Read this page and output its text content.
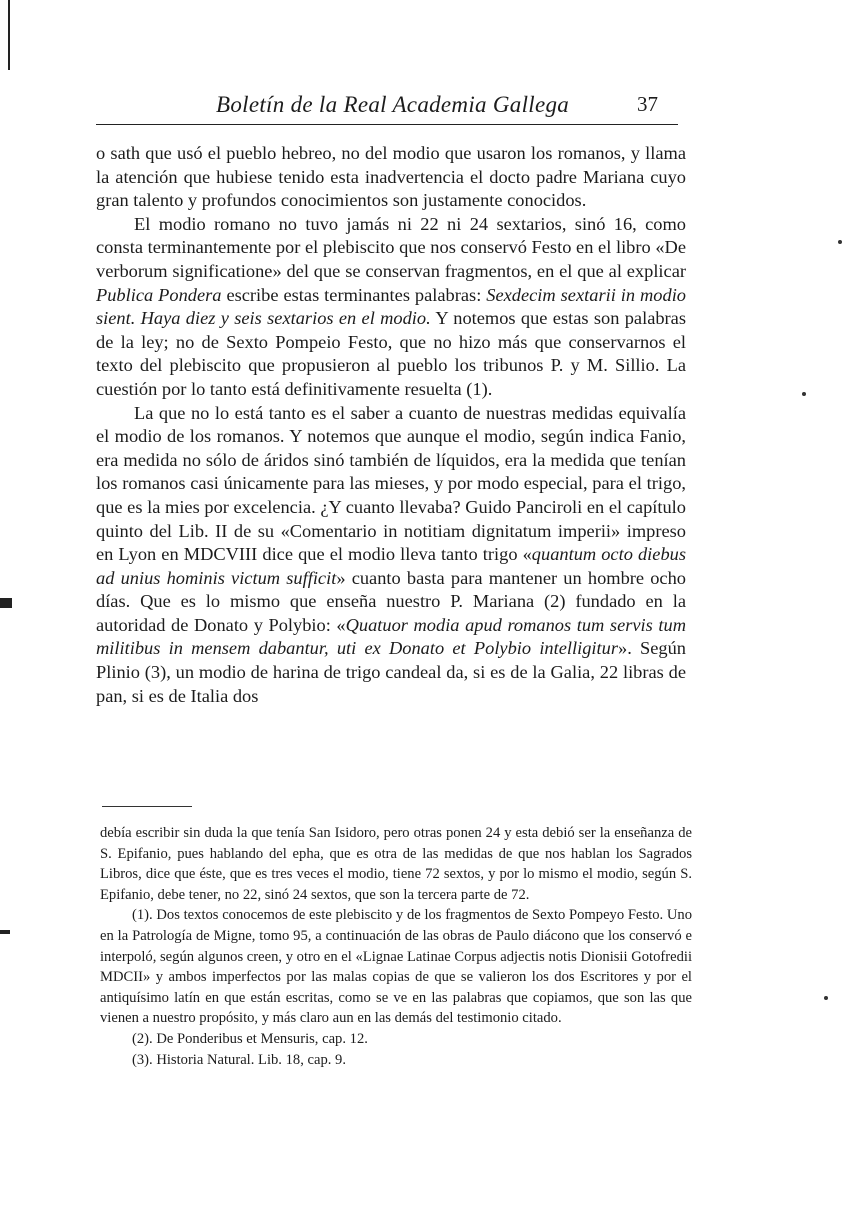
Boletín de la Real Academia Gallega	37

o sath que usó el pueblo hebreo, no del modio que usaron los romanos, y llama la atención que hubiese tenido esta inadvertencia el docto padre Mariana cuyo gran talento y profundos conocimientos son justamente conocidos.

El modio romano no tuvo jamás ni 22 ni 24 sextarios, sinó 16, como consta terminantemente por el plebiscito que nos conservó Festo en el libro «De verborum significatione» del que se conservan fragmentos, en el que al explicar Publica Pondera escribe estas terminantes palabras: Sexdecim sextarii in modio sient. Haya diez y seis sextarios en el modio. Y notemos que estas son palabras de la ley; no de Sexto Pompeio Festo, que no hizo más que conservarnos el texto del plebiscito que propusieron al pueblo los tribunos P. y M. Sillio. La cuestión por lo tanto está definitivamente resuelta (1).

La que no lo está tanto es el saber a cuanto de nuestras medidas equivalía el modio de los romanos. Y notemos que aunque el modio, según indica Fanio, era medida no sólo de áridos sinó también de líquidos, era la medida que tenían los romanos casi únicamente para las mieses, y por modo especial, para el trigo, que es la mies por excelencia. ¿Y cuanto llevaba? Guido Panciroli en el capítulo quinto del Lib. II de su «Comentario in notitiam dignitatum imperii» impreso en Lyon en MDCVIII dice que el modio lleva tanto trigo «quantum octo diebus ad unius hominis victum sufficit» cuanto basta para mantener un hombre ocho días. Que es lo mismo que enseña nuestro P. Mariana (2) fundado en la autoridad de Donato y Polybio: «Quatuor modia apud romanos tum servis tum militibus in mensem dabantur, uti ex Donato et Polybio intelligitur». Según Plinio (3), un modio de harina de trigo candeal da, si es de la Galia, 22 libras de pan, si es de Italia dos

debía escribir sin duda la que tenía San Isidoro, pero otras ponen 24 y esta debió ser la enseñanza de S. Epifanio, pues hablando del epha, que es otra de las medidas de que nos hablan los Sagrados Libros, dice que éste, que es tres veces el modio, tiene 72 sextos, y por lo mismo el modio, según S. Epifanio, debe tener, no 22, sinó 24 sextos, que son la tercera parte de 72.

(1). Dos textos conocemos de este plebiscito y de los fragmentos de Sexto Pompeyo Festo. Uno en la Patrología de Migne, tomo 95, a continuación de las obras de Paulo diácono que los conservó e interpoló, según algunos creen, y otro en el «Lignae Latinae Corpus adjectis notis Dionisii Gotofredii MDCII» y ambos imperfectos por las malas copias de que se valieron los dos Escritores y por el antiquísimo latín en que están escritas, como se ve en las palabras que copiamos, que son las que vienen a nuestro propósito, y más claro aun en las demás del testimonio citado.

(2). De Ponderibus et Mensuris, cap. 12.

(3). Historia Natural. Lib. 18, cap. 9.
